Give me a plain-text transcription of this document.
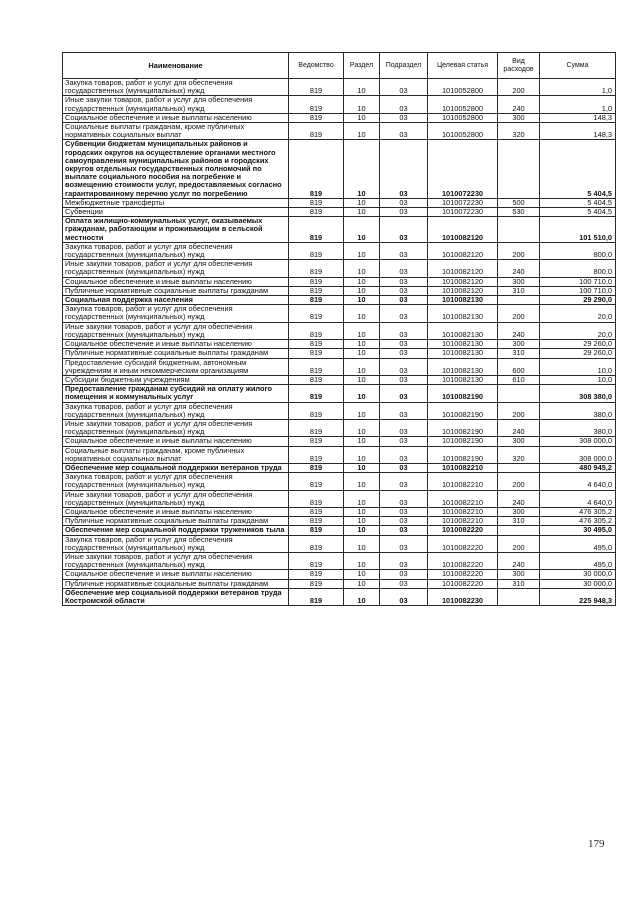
Наименование	Ведомство	Раздел	Подраздел	Целевая статья	Вид расходов	Сумма
Закупка товаров, работ и услуг для обеспечения государственных (муниципальных) нужд	819	10	03	1010052800	200	1,0
Иные закупки товаров, работ и услуг для обеспечения государственных (муниципальных) нужд	819	10	03	1010052800	240	1,0
Социальное обеспечение и иные выплаты населению	819	10	03	1010052800	300	148,3
Социальные выплаты гражданам, кроме публичных нормативных социальных выплат	819	10	03	1010052800	320	148,3
Субвенции бюджетам муниципальных районов и городских округов на осуществление органами местного самоуправления муниципальных районов и городских округов отдельных государственных полномочий по выплате социального пособия на погребение и возмещению стоимости услуг, предоставляемых согласно гарантированному перечню услуг по погребению	819	10	03	1010072230		5 404,5
Межбюджетные трансферты	819	10	03	1010072230	500	5 404,5
Субвенции	819	10	03	1010072230	530	5 404,5
Оплата жилищно-коммунальных услуг, оказываемых гражданам, работающим и проживающим в сельской местности	819	10	03	1010082120		101 510,0
Закупка товаров, работ и услуг для обеспечения государственных (муниципальных) нужд	819	10	03	1010082120	200	800,0
Иные закупки товаров, работ и услуг для обеспечения государственных (муниципальных) нужд	819	10	03	1010082120	240	800,0
Социальное обеспечение и иные выплаты населению	819	10	03	1010082120	300	100 710,0
Публичные нормативные социальные выплаты гражданам	819	10	03	1010082120	310	100 710,0
Социальная поддержка населения	819	10	03	1010082130		29 290,0
Закупка товаров, работ и услуг для обеспечения государственных (муниципальных) нужд	819	10	03	1010082130	200	20,0
Иные закупки товаров, работ и услуг для обеспечения государственных (муниципальных) нужд	819	10	03	1010082130	240	20,0
Социальное обеспечение и иные выплаты населению	819	10	03	1010082130	300	29 260,0
Публичные нормативные социальные выплаты гражданам	819	10	03	1010082130	310	29 260,0
Предоставление субсидий бюджетным, автономным учреждениям и иным некоммерческим организациям	819	10	03	1010082130	600	10,0
Субсидии бюджетным учреждениям	819	10	03	1010082130	610	10,0
Предоставление гражданам субсидий на оплату жилого помещения и коммунальных услуг	819	10	03	1010082190		308 380,0
Закупка товаров, работ и услуг для обеспечения государственных (муниципальных) нужд	819	10	03	1010082190	200	380,0
Иные закупки товаров, работ и услуг для обеспечения государственных (муниципальных) нужд	819	10	03	1010082190	240	380,0
Социальное обеспечение и иные выплаты населению	819	10	03	1010082190	300	308 000,0
Социальные выплаты гражданам, кроме публичных нормативных социальных выплат	819	10	03	1010082190	320	308 000,0
Обеспечение мер социальной поддержки ветеранов труда	819	10	03	1010082210		480 945,2
Закупка товаров, работ и услуг для обеспечения государственных (муниципальных) нужд	819	10	03	1010082210	200	4 640,0
Иные закупки товаров, работ и услуг для обеспечения государственных (муниципальных) нужд	819	10	03	1010082210	240	4 640,0
Социальное обеспечение и иные выплаты населению	819	10	03	1010082210	300	476 305,2
Публичные нормативные социальные выплаты гражданам	819	10	03	1010082210	310	476 305,2
Обеспечение мер социальной поддержки тружеников тыла	819	10	03	1010082220		30 495,0
Закупка товаров, работ и услуг для обеспечения государственных (муниципальных) нужд	819	10	03	1010082220	200	495,0
Иные закупки товаров, работ и услуг для обеспечения государственных (муниципальных) нужд	819	10	03	1010082220	240	495,0
Социальное обеспечение и иные выплаты населению	819	10	03	1010082220	300	30 000,0
Публичные нормативные социальные выплаты гражданам	819	10	03	1010082220	310	30 000,0
Обеспечение мер социальной поддержки ветеранов труда Костромской области	819	10	03	1010082230		225 948,3
179
